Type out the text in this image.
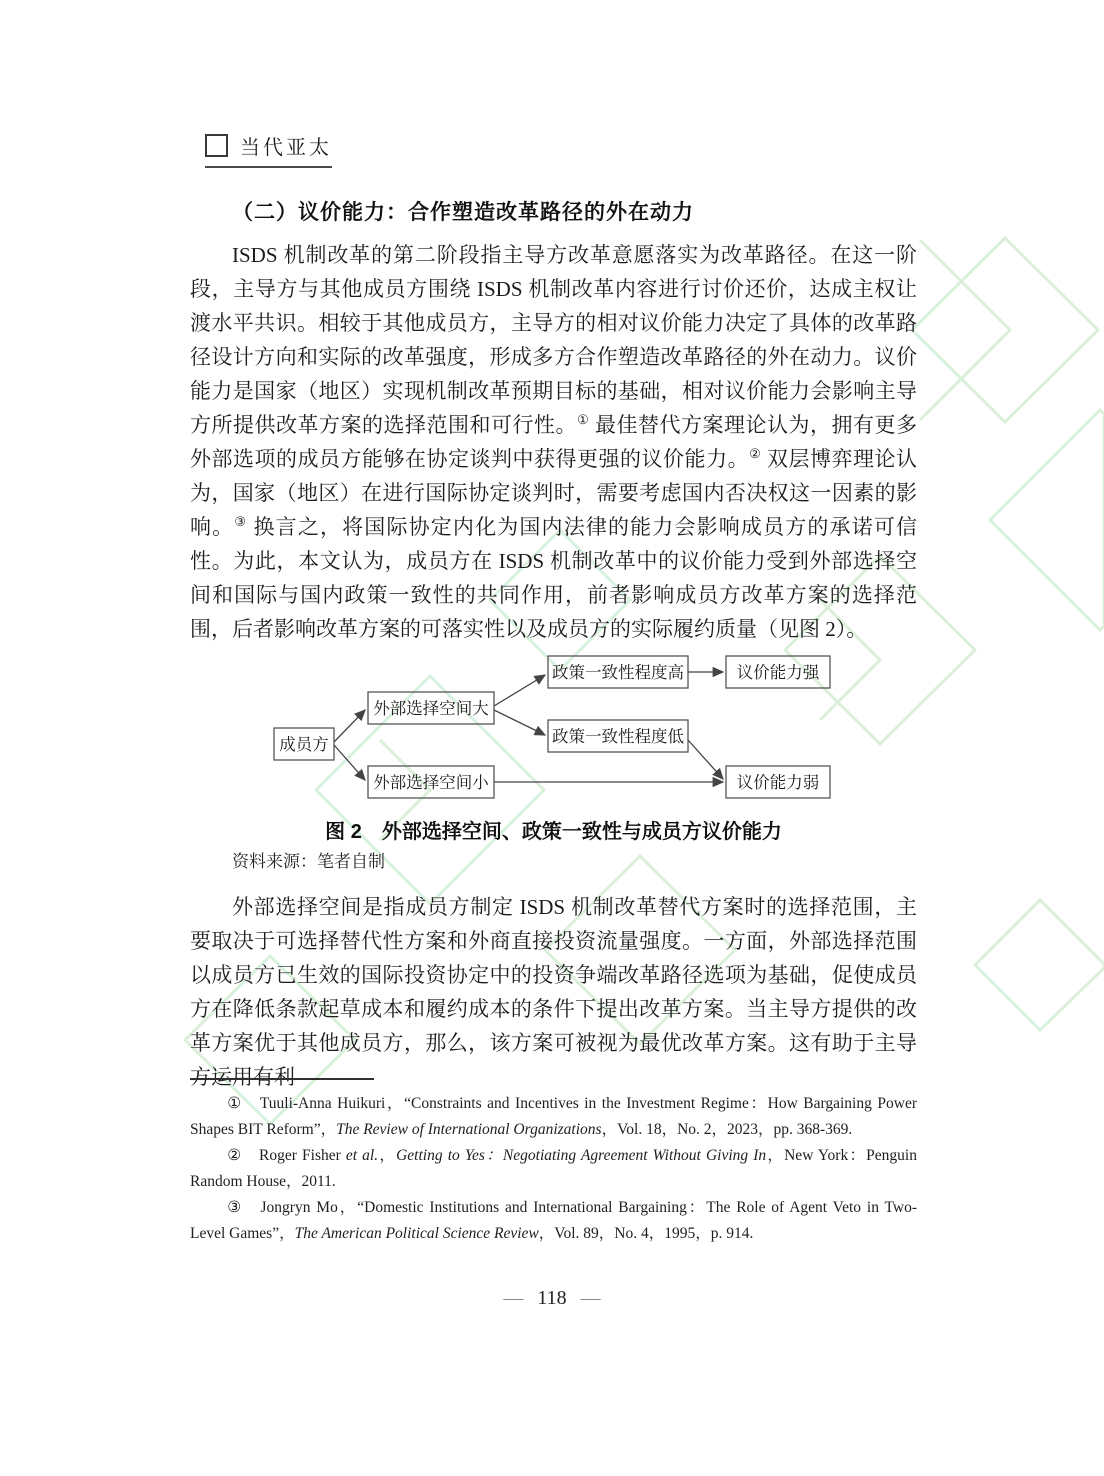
当代亚太
（二）议价能力：合作塑造改革路径的外在动力
ISDS 机制改革的第二阶段指主导方改革意愿落实为改革路径。在这一阶段，主导方与其他成员方围绕 ISDS 机制改革内容进行讨价还价，达成主权让渡水平共识。相较于其他成员方，主导方的相对议价能力决定了具体的改革路径设计方向和实际的改革强度，形成多方合作塑造改革路径的外在动力。议价能力是国家（地区）实现机制改革预期目标的基础，相对议价能力会影响主导方所提供改革方案的选择范围和可行性。① 最佳替代方案理论认为，拥有更多外部选项的成员方能够在协定谈判中获得更强的议价能力。② 双层博弈理论认为，国家（地区）在进行国际协定谈判时，需要考虑国内否决权这一因素的影响。③ 换言之，将国际协定内化为国内法律的能力会影响成员方的承诺可信性。为此，本文认为，成员方在 ISDS 机制改革中的议价能力受到外部选择空间和国际与国内政策一致性的共同作用，前者影响成员方改革方案的选择范围，后者影响改革方案的可落实性以及成员方的实际履约质量（见图 2）。
成员方
外部选择空间大
外部选择空间小
政策一致性程度高
政策一致性程度低
议价能力强
议价能力弱
图 2　外部选择空间、政策一致性与成员方议价能力
资料来源：笔者自制
外部选择空间是指成员方制定 ISDS 机制改革替代方案时的选择范围，主要取决于可选择替代性方案和外商直接投资流量强度。一方面，外部选择范围以成员方已生效的国际投资协定中的投资争端改革路径选项为基础，促使成员方在降低条款起草成本和履约成本的条件下提出改革方案。当主导方提供的改革方案优于其他成员方，那么，该方案可被视为最优改革方案。这有助于主导方运用有利

①　Tuuli-Anna Huikuri，“Constraints and Incentives in the Investment Regime：How Bargaining Power Shapes BIT Reform”，The Review of International Organizations，Vol. 18，No. 2，2023，pp. 368-369.

②　Roger Fisher et al.，Getting to Yes：Negotiating Agreement Without Giving In，New York：Penguin Random House，2011.

③　Jongryn Mo，“Domestic Institutions and International Bargaining：The Role of Agent Veto in Two-Level Games”，The American Political Science Review，Vol. 89，No. 4，1995，p. 914.

— 118 —
